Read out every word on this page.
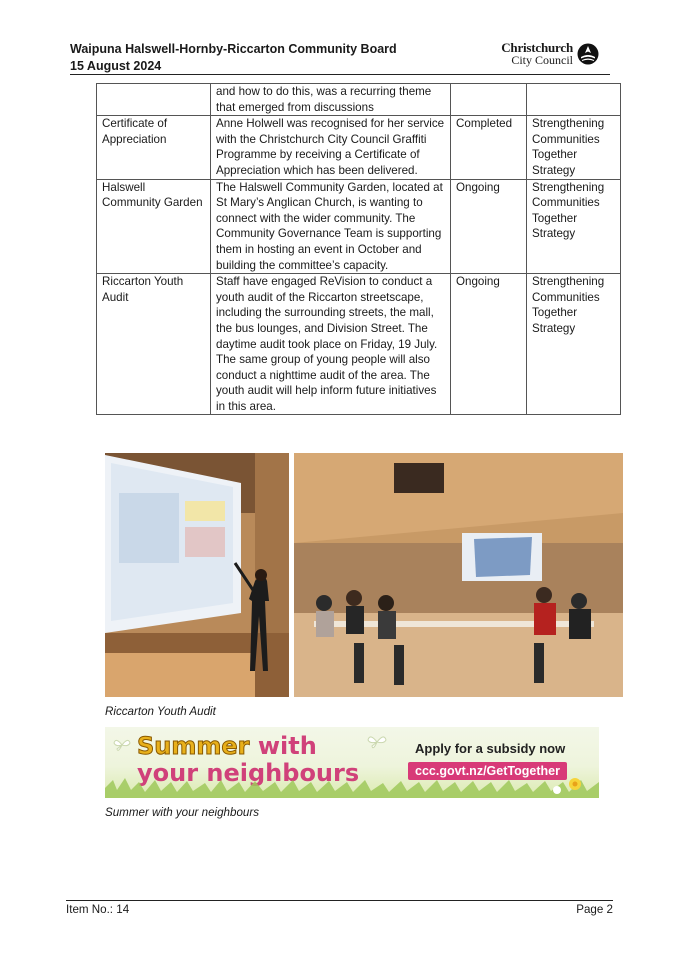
Waipuna Halswell-Hornby-Riccarton Community Board
15 August 2024
Christchurch
City Council
	and how to do this, was a recurring theme that emerged from discussions		
Certificate of Appreciation	Anne Holwell was recognised for her service with the Christchurch City Council Graffiti Programme by receiving a Certificate of Appreciation which has been delivered.	Completed	Strengthening Communities Together Strategy
Halswell Community Garden	The Halswell Community Garden, located at St Mary’s Anglican Church, is wanting to connect with the wider community. The Community Governance Team is supporting them in hosting an event in October and building the committee’s capacity.	Ongoing	Strengthening Communities Together Strategy
Riccarton Youth Audit	Staff have engaged ReVision to conduct a youth audit of the Riccarton streetscape, including the surrounding streets, the mall, the bus lounges, and Division Street. The daytime audit took place on Friday, 19 July. The same group of young people will also conduct a nighttime audit of the area. The youth audit will help inform future initiatives in this area.	Ongoing	Strengthening Communities Together Strategy
Riccarton Youth Audit
Summer with
your neighbours
Apply for a subsidy now
ccc.govt.nz/GetTogether
Summer with your neighbours
Item No.: 14	Page 2
